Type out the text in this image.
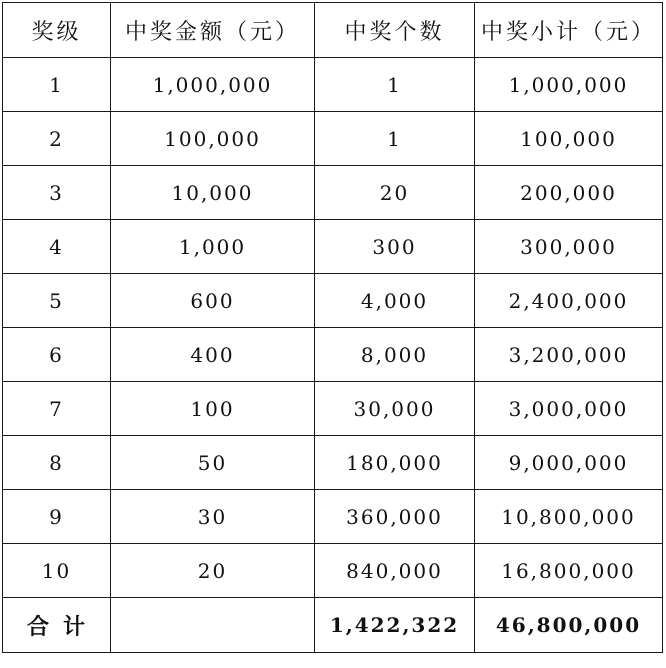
奖级	中奖金额（元）	中奖个数	中奖小计（元）
1	1,000,000	1	1,000,000
2	100,000	1	100,000
3	10,000	20	200,000
4	1,000	300	300,000
5	600	4,000	2,400,000
6	400	8,000	3,200,000
7	100	30,000	3,000,000
8	50	180,000	9,000,000
9	30	360,000	10,800,000
10	20	840,000	16,800,000
合计		1,422,322	46,800,000
